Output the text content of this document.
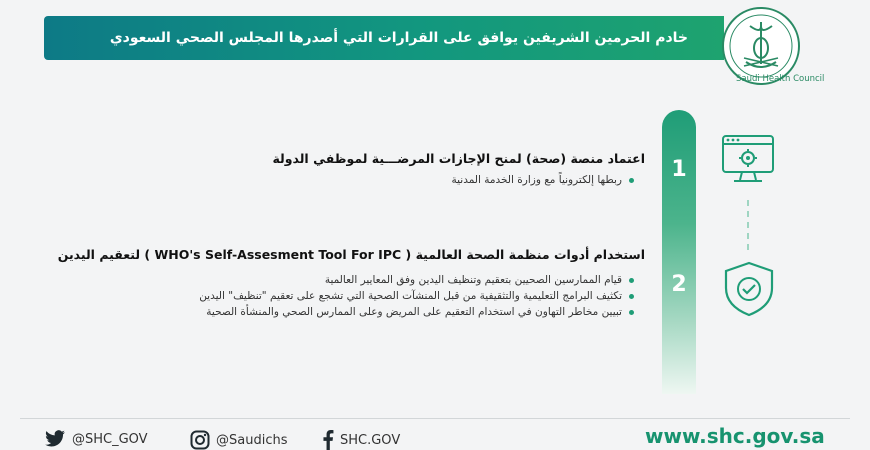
خادم الحرمين الشريفين يوافق على القرارات التي أصدرها المجلس الصحي السعودي
Saudi Health Council
1
2
اعتماد منصة (صحة) لمنح الإجازات المرضـــية لموظفي الدولة
ربطها إلكترونياً مع وزارة الخدمة المدنية
استخدام أدوات منظمة الصحة العالمية ( WHO's Self-Assesment Tool For IPC ) لتعقيم اليدين
قيام الممارسين الصحيين بتعقيم وتنظيف اليدين وفق المعايير العالمية
تكثيف البرامج التعليمية والتثقيفية من قبل المنشآت الصحية التي تشجع على تعقيم "تنظيف" اليدين
تبيين مخاطر التهاون في استخدام التعقيم على المريض وعلى الممارس الصحي والمنشأة الصحية
@SHC_GOV	@Saudichs	SHC.GOV	www.shc.gov.sa
